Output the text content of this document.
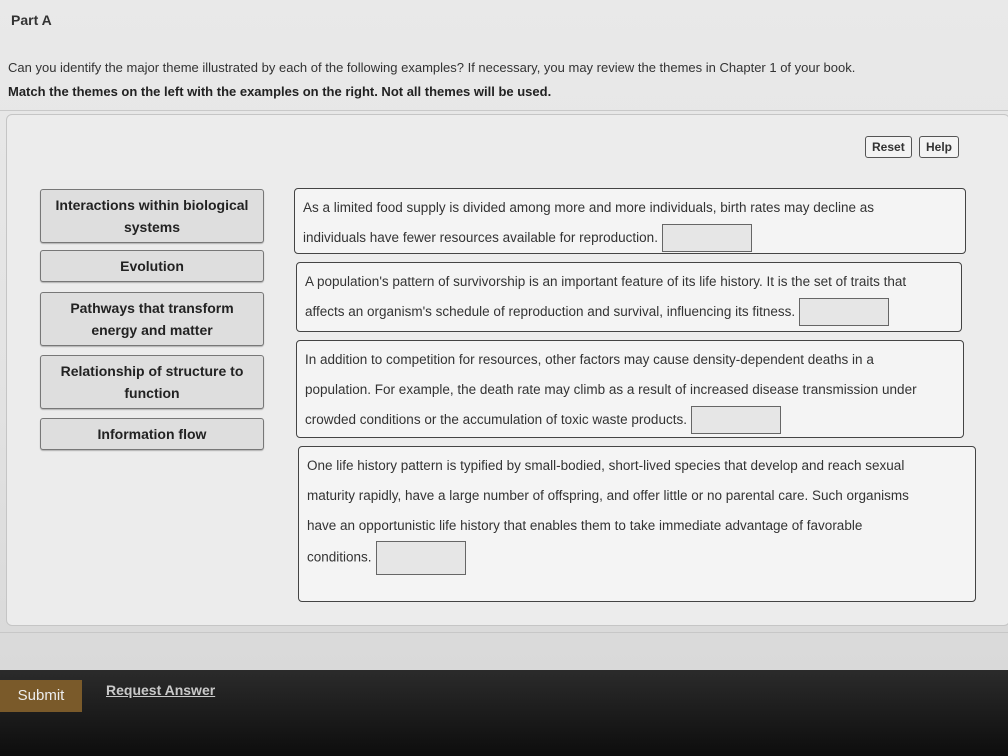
Part A
Can you identify the major theme illustrated by each of the following examples? If necessary, you may review the themes in Chapter 1 of your book.
Match the themes on the left with the examples on the right. Not all themes will be used.
Reset	Help
Interactions within biological
systems
Evolution
Pathways that transform
energy and matter
Relationship of structure to
function
Information flow
As a limited food supply is divided among more and more individuals, birth rates may decline as
individuals have fewer resources available for reproduction.
A population's pattern of survivorship is an important feature of its life history. It is the set of traits that
affects an organism's schedule of reproduction and survival, influencing its fitness.
In addition to competition for resources, other factors may cause density-dependent deaths in a
population. For example, the death rate may climb as a result of increased disease transmission under
crowded conditions or the accumulation of toxic waste products.
One life history pattern is typified by small-bodied, short-lived species that develop and reach sexual
maturity rapidly, have a large number of offspring, and offer little or no parental care. Such organisms
have an opportunistic life history that enables them to take immediate advantage of favorable
conditions.
Submit	Request Answer
